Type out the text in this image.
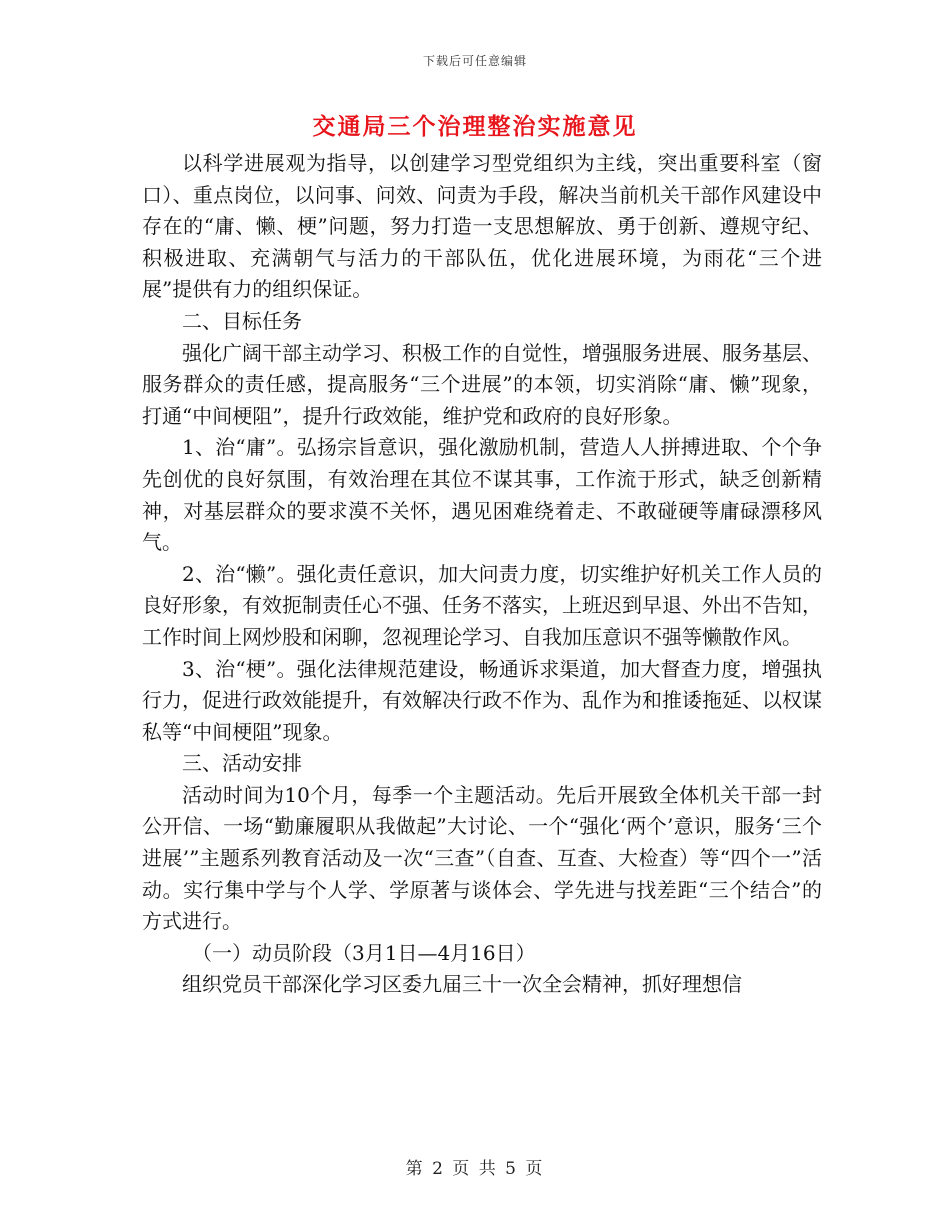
下载后可任意编辑
交通局三个治理整治实施意见

以科学进展观为指导，以创建学习型党组织为主线，突出重要科室（窗口）、重点岗位，以问事、问效、问责为手段，解决当前机关干部作风建设中存在的“庸、懒、梗”问题，努力打造一支思想解放、勇于创新、遵规守纪、积极进取、充满朝气与活力的干部队伍，优化进展环境，为雨花“三个进展”提供有力的组织保证。

二、目标任务

强化广阔干部主动学习、积极工作的自觉性，增强服务进展、服务基层、服务群众的责任感，提高服务“三个进展”的本领，切实消除“庸、懒”现象，打通“中间梗阻”，提升行政效能，维护党和政府的良好形象。

1、治“庸”。弘扬宗旨意识，强化激励机制，营造人人拼搏进取、个个争先创优的良好氛围，有效治理在其位不谋其事，工作流于形式，缺乏创新精神，对基层群众的要求漠不关怀，遇见困难绕着走、不敢碰硬等庸碌漂移风气。

2、治“懒”。强化责任意识，加大问责力度，切实维护好机关工作人员的良好形象，有效扼制责任心不强、任务不落实，上班迟到早退、外出不告知，工作时间上网炒股和闲聊，忽视理论学习、自我加压意识不强等懒散作风。

3、治“梗”。强化法律规范建设，畅通诉求渠道，加大督查力度，增强执行力，促进行政效能提升，有效解决行政不作为、乱作为和推诿拖延、以权谋私等“中间梗阻”现象。

三、活动安排

活动时间为10个月，每季一个主题活动。先后开展致全体机关干部一封公开信、一场“勤廉履职从我做起”大讨论、一个“强化‘两个’意识，服务‘三个进展’”主题系列教育活动及一次“三查”（自查、互查、大检查）等“四个一”活动。实行集中学与个人学、学原著与谈体会、学先进与找差距“三个结合”的方式进行。

（一）动员阶段（3月1日—4月16日）

组织党员干部深化学习区委九届三十一次全会精神，抓好理想信

第 2 页 共 5 页
